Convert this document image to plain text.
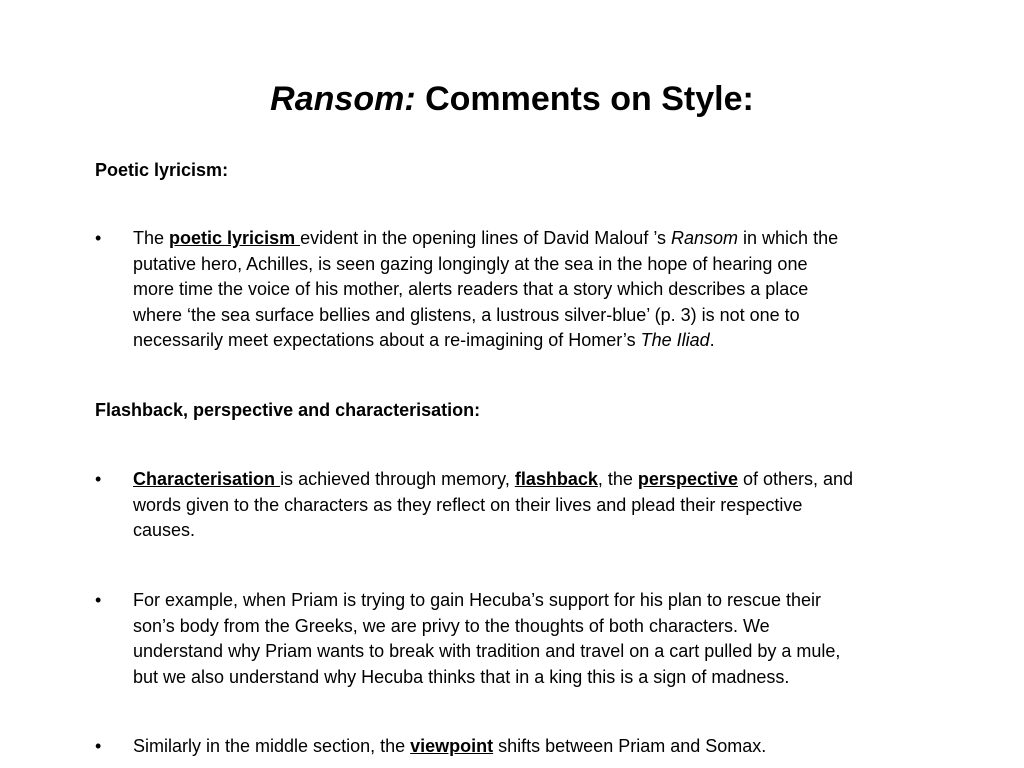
Ransom: Comments on Style:
Poetic lyricism:
• The poetic lyricism evident in the opening lines of David Malouf ’s Ransom in which the
putative hero, Achilles, is seen gazing longingly at the sea in the hope of hearing one
more time the voice of his mother, alerts readers that a story which describes a place
where ‘the sea surface bellies and glistens, a lustrous silver-blue’ (p. 3) is not one to
necessarily meet expectations about a re-imagining of Homer’s The Iliad.
Flashback, perspective and characterisation:
• Characterisation is achieved through memory, flashback, the perspective of others, and
words given to the characters as they reflect on their lives and plead their respective
causes.
• For example, when Priam is trying to gain Hecuba’s support for his plan to rescue their
son’s body from the Greeks, we are privy to the thoughts of both characters. We
understand why Priam wants to break with tradition and travel on a cart pulled by a mule,
but we also understand why Hecuba thinks that in a king this is a sign of madness.
• Similarly in the middle section, the viewpoint shifts between Priam and Somax.
